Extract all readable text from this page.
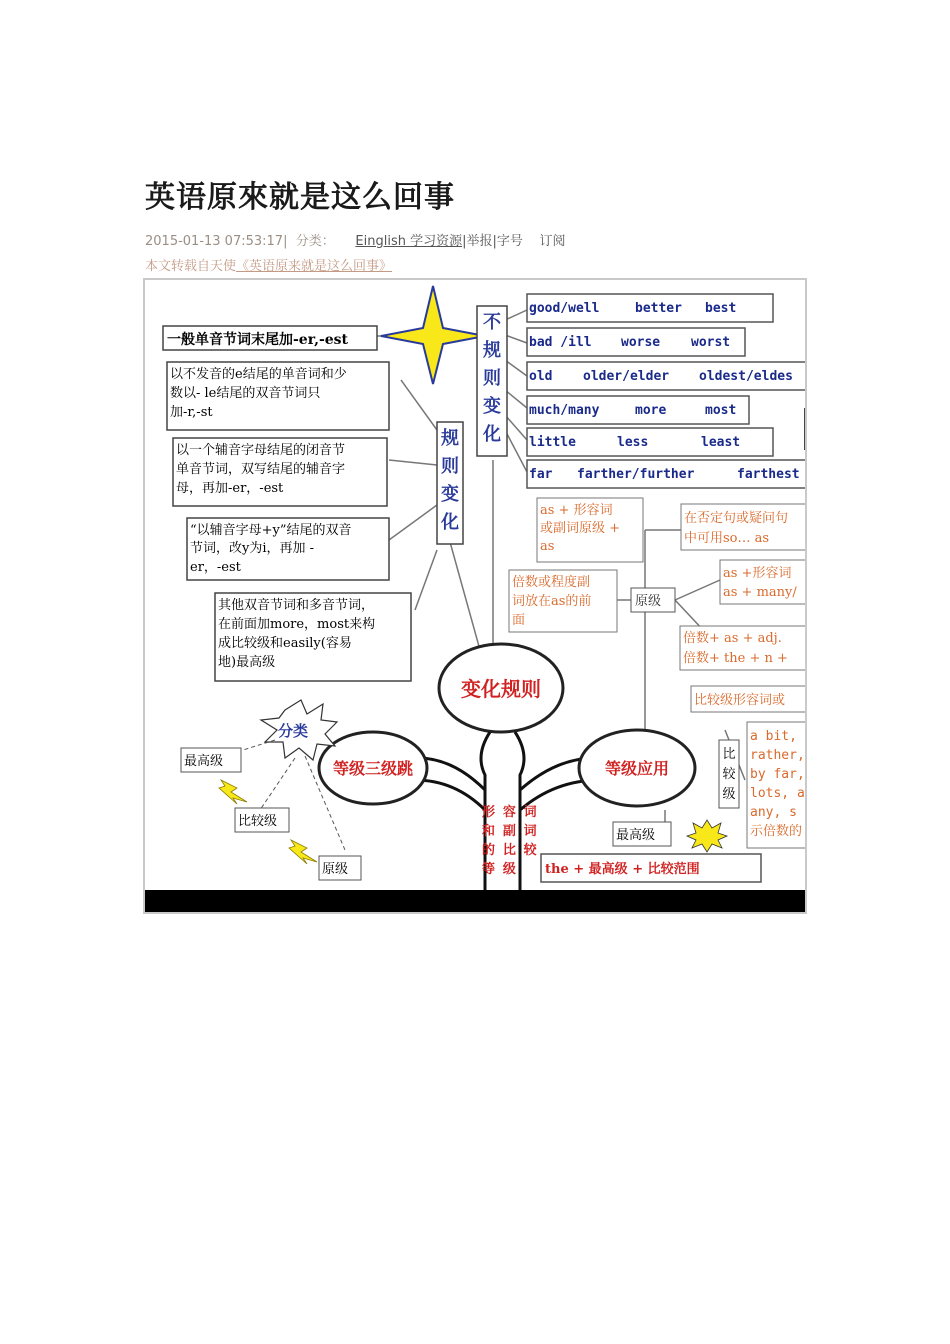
英语原來就是这么回事
2015-01-13 07:53:17|  分类： Einglish 学习资源|举报|字号 订阅
本文转载自天使《英语原来就是这么回事》
一般单音节词末尾加-er,-est
以不发音的e结尾的单音词和少
数以- le结尾的双音节词只
加-r,-st
以一个辅音字母结尾的闭音节
单音节词，双写结尾的辅音字
母，再加-er，-est
“以辅音字母+y”结尾的双音
节词，改y为i，再加 -
er，-est
其他双音节词和多音节词，
在前面加more，most来构
成比较级和easily(容易
地)最高级
规
则
变
化
不
规
则
变
化
good/well	better best
bad /ill worse worst
old older/elder oldest/eldes
much/many	more	most
little	less	least
far farther/further	farthest
as + 形容词
或副词原级 +
as
在否定句或疑问句
中可用so… as
倍数或程度副
词放在as的前
面
原级
as +形容词
as + many/
倍数+ as + adj.
倍数+ the + n +
比较级形容词或
比
较
级
a bit,
rather,
by far,
lots, a
any, s
示倍数的
变化规则
形 容 词
和 副 词
的 比 较
等 级
等级三级跳	等级应用
分类
最高级
比较级
原级
最高级
the + 最高级 + 比较范围
